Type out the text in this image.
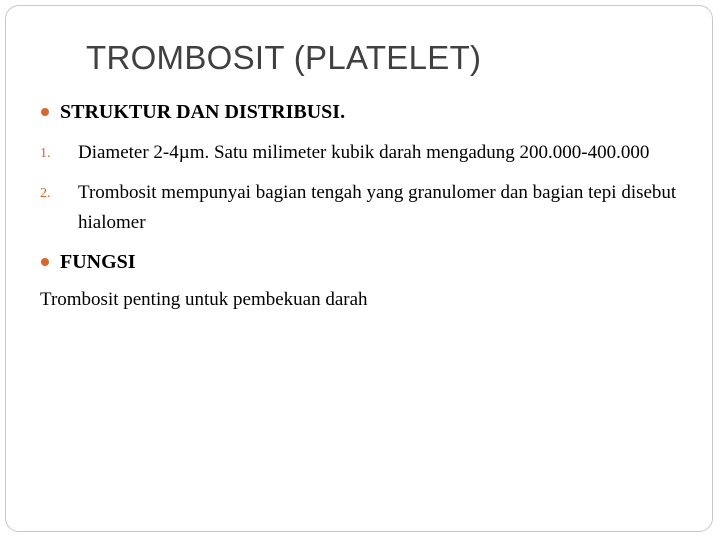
TROMBOSIT (PLATELET)
STRUKTUR DAN DISTRIBUSI.
1. Diameter 2-4µm. Satu milimeter kubik darah mengadung 200.000-400.000
2. Trombosit mempunyai bagian tengah yang granulomer dan bagian tepi disebut hialomer
FUNGSI
Trombosit penting untuk pembekuan darah
